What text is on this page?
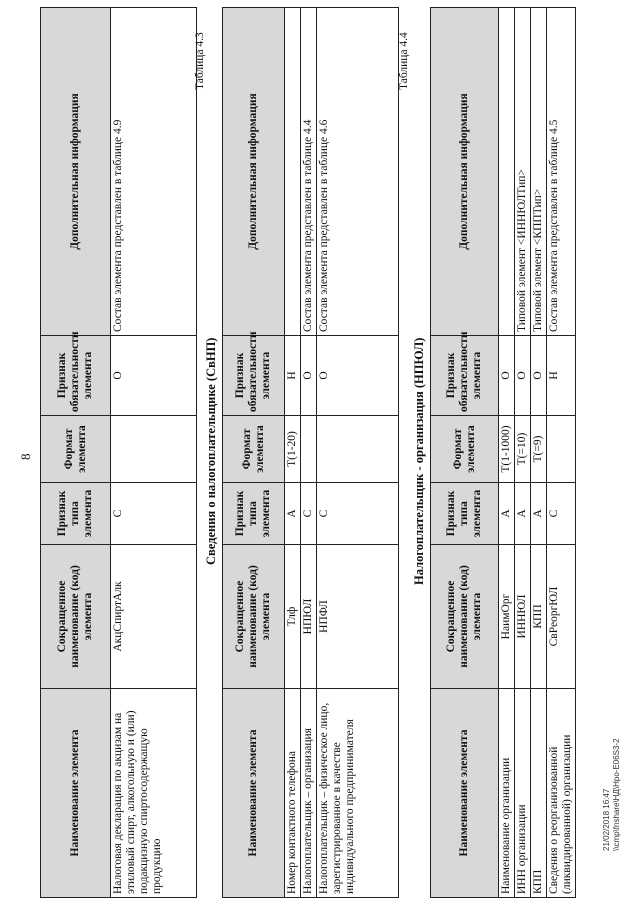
8
Наименование элемента	Сокращенное наименование (код) элемента	Признак типа элемента	Формат элемента	Признак обязательности элемента	Дополнительная информация
Налоговая декларация по акцизам на этиловый спирт, алкогольную и (или) подакцизную спиртосодержащую продукцию	АкцСпиртАлк	С		О	Состав элемента представлен в таблице 4.9
Таблица 4.3
Сведения о налогоплательщике (СвНП)
Наименование элемента	Сокращенное наименование (код) элемента	Признак типа элемента	Формат элемента	Признак обязательности элемента	Дополнительная информация
Номер контактного телефона	Тлф	А	T(1-20)	Н	
Налогоплательщик – организация	НПЮЛ	С		О	Состав элемента представлен в таблице 4.4
Налогоплательщик – физическое лицо, зарегистрированное в качестве индивидуального предпринимателя	НПФЛ	С		О	Состав элемента представлен в таблице 4.6
Таблица 4.4
Налогоплательщик - организация (НПЮЛ)
Наименование элемента	Сокращенное наименование (код) элемента	Признак типа элемента	Формат элемента	Признак обязательности элемента	Дополнительная информация
Наименование организации	НаимОрг	А	T(1-1000)	О	
ИНН организации	ИННЮЛ	А	T(=10)	О	Типовой элемент <ИННЮЛТип>
КПП	КПП	А	T(=9)	О	Типовой элемент <КППТип>
Сведения о реорганизованной (ликвидированной) организации	СвРеоргЮЛ	С		Н	Состав элемента представлен в таблице 4.5
21/02/2018 16:47 \\cmp\fnshare\НД\Нро-Е06S3-2
